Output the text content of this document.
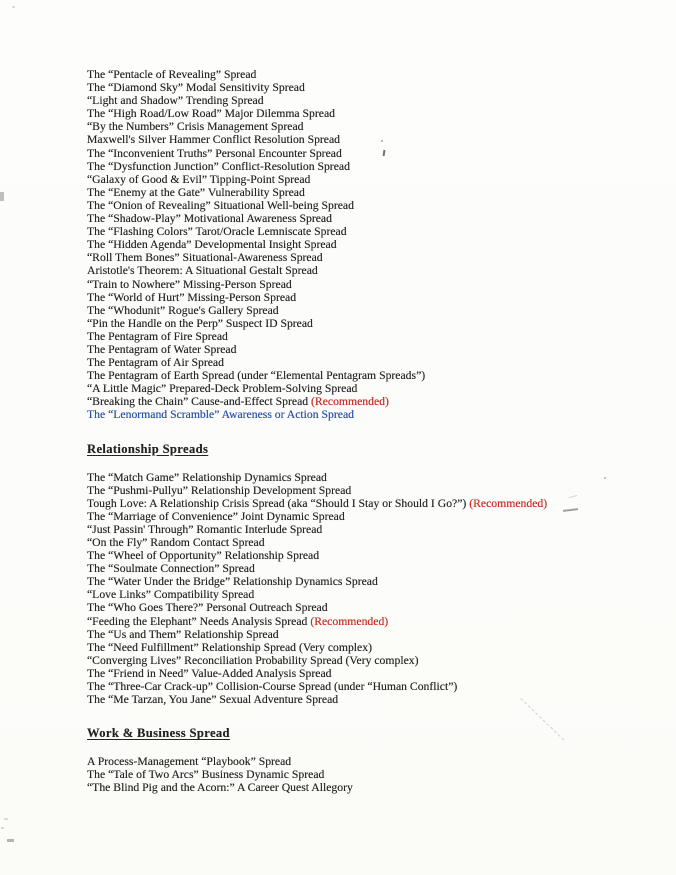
The “Pentacle of Revealing” Spread
The “Diamond Sky” Modal Sensitivity Spread
“Light and Shadow” Trending Spread
The “High Road/Low Road” Major Dilemma Spread
“By the Numbers” Crisis Management Spread
Maxwell's Silver Hammer Conflict Resolution Spread
The “Inconvenient Truths” Personal Encounter Spread
The “Dysfunction Junction” Conflict-Resolution Spread
“Galaxy of Good & Evil” Tipping-Point Spread
The “Enemy at the Gate” Vulnerability Spread
The “Onion of Revealing” Situational Well-being Spread
The “Shadow-Play” Motivational Awareness Spread
The “Flashing Colors” Tarot/Oracle Lemniscate Spread
The “Hidden Agenda” Developmental Insight Spread
“Roll Them Bones” Situational-Awareness Spread
Aristotle's Theorem: A Situational Gestalt Spread
“Train to Nowhere” Missing-Person Spread
The “World of Hurt” Missing-Person Spread
The “Whodunit” Rogue's Gallery Spread
“Pin the Handle on the Perp” Suspect ID Spread
The Pentagram of Fire Spread
The Pentagram of Water Spread
The Pentagram of Air Spread
The Pentagram of Earth Spread (under “Elemental Pentagram Spreads”)
“A Little Magic” Prepared-Deck Problem-Solving Spread
“Breaking the Chain” Cause-and-Effect Spread (Recommended)
The “Lenormand Scramble” Awareness or Action Spread
Relationship Spreads
The “Match Game” Relationship Dynamics Spread
The “Pushmi-Pullyu” Relationship Development Spread
Tough Love: A Relationship Crisis Spread (aka “Should I Stay or Should I Go?”) (Recommended)
The “Marriage of Convenience” Joint Dynamic Spread
“Just Passin' Through” Romantic Interlude Spread
“On the Fly” Random Contact Spread
The “Wheel of Opportunity” Relationship Spread
The “Soulmate Connection” Spread
The “Water Under the Bridge” Relationship Dynamics Spread
“Love Links” Compatibility Spread
The “Who Goes There?” Personal Outreach Spread
“Feeding the Elephant” Needs Analysis Spread (Recommended)
The “Us and Them” Relationship Spread
The “Need Fulfillment” Relationship Spread (Very complex)
“Converging Lives” Reconciliation Probability Spread (Very complex)
The “Friend in Need” Value-Added Analysis Spread
The “Three-Car Crack-up” Collision-Course Spread (under “Human Conflict”)
The “Me Tarzan, You Jane” Sexual Adventure Spread
Work & Business Spread
A Process-Management “Playbook” Spread
The “Tale of Two Arcs” Business Dynamic Spread
“The Blind Pig and the Acorn:” A Career Quest Allegory
